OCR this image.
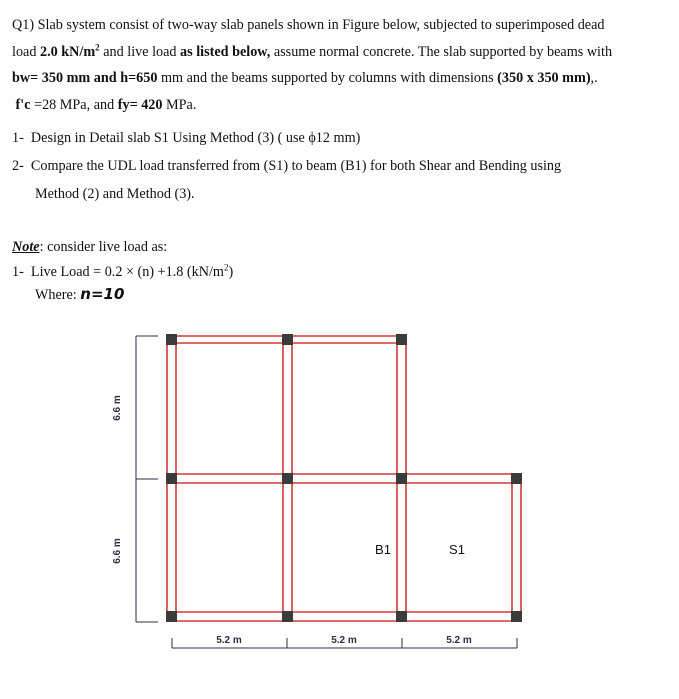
Q1) Slab system consist of two-way slab panels shown in Figure below, subjected to superimposed dead
load 2.0 $kN/m^2$ and live load as listed below, assume normal concrete. The slab supported by beams with
bw= 350 mm and h=650 mm and the beams supported by columns with dimensions (350 x 350 mm),.
f'c =28 MPa, and fy= 420 MPa.
1- Design in Detail slab S1 Using Method (3) ( use ϕ12 mm)
2- Compare the UDL load transferred from (S1) to beam (B1) for both Shear and Bending using
Method (2) and Method (3).
Note: consider live load as:
1- Live Load = 0.2 × (n) +1.8 $(kN/m^2)$
Where: n=10
6.6 m
6.6 m
5.2 m	5.2 m	5.2 m
B1	S1
